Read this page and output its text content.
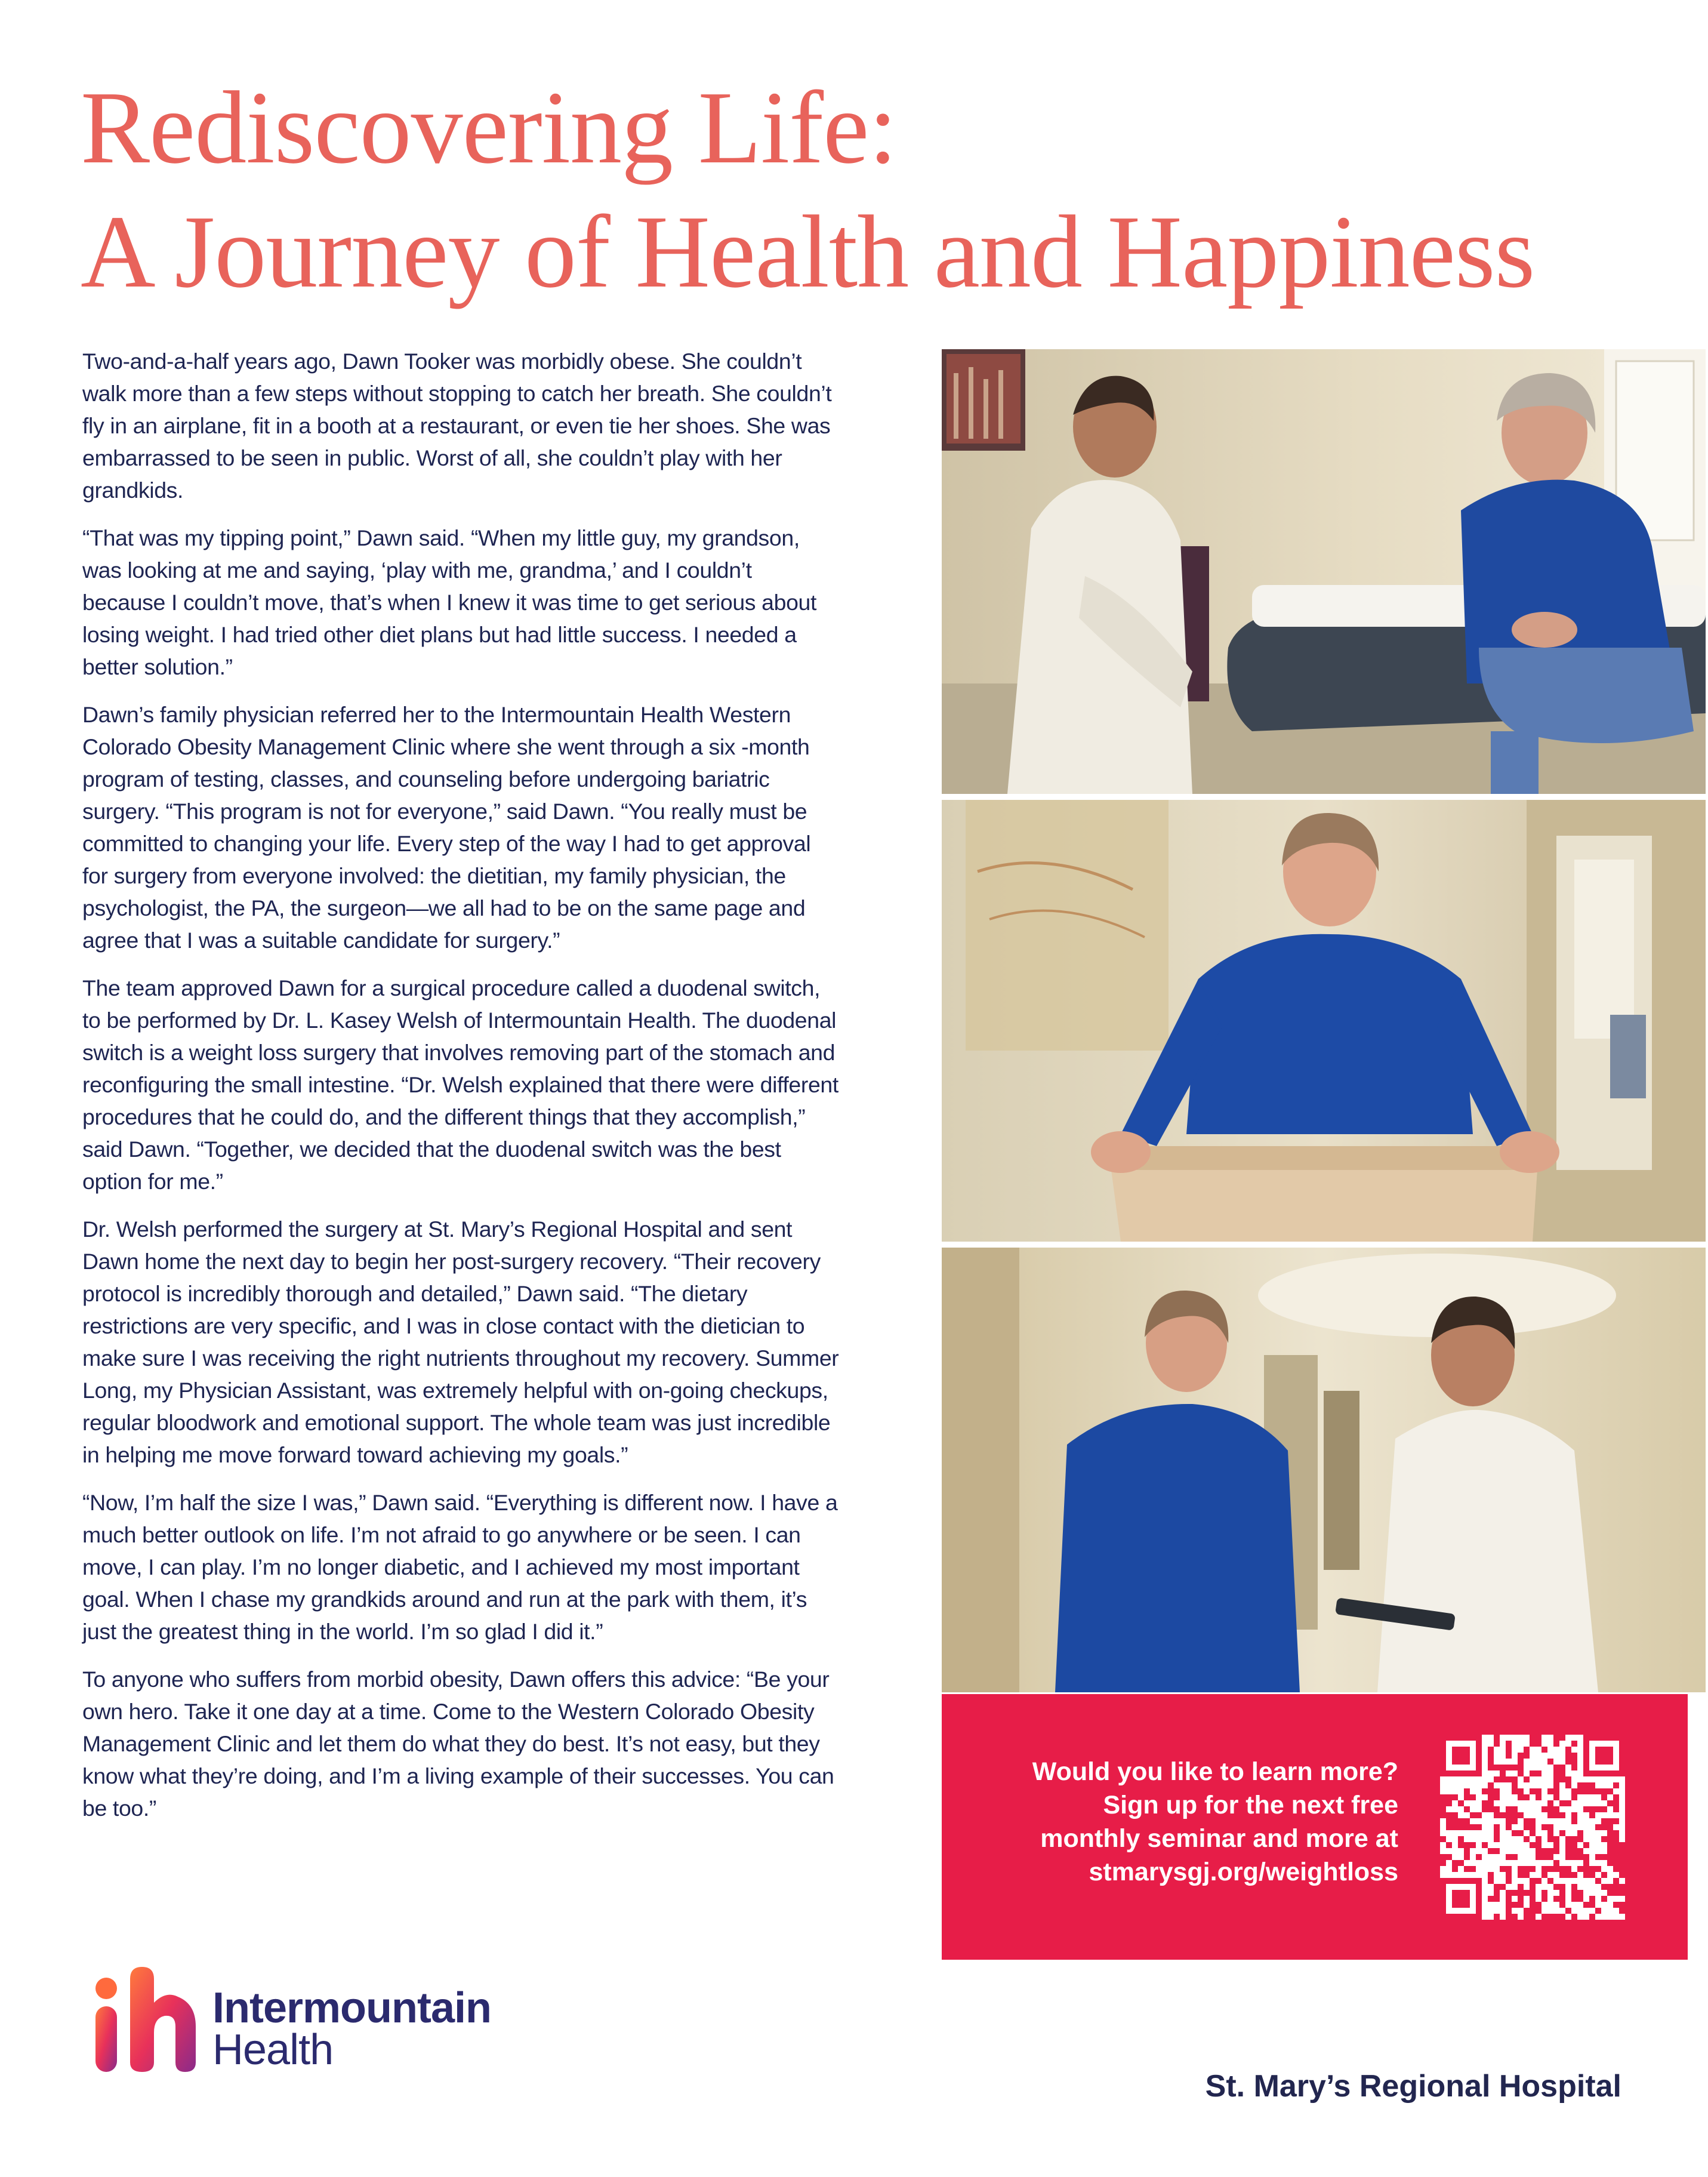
Rediscovering Life:
A Journey of Health and Happiness

Two-and-a-half years ago, Dawn Tooker was morbidly obese. She couldn’t walk more than a few steps without stopping to catch her breath. She couldn’t fly in an airplane, fit in a booth at a restaurant, or even tie her shoes. She was embarrassed to be seen in public. Worst of all, she couldn’t play with her grandkids.

“That was my tipping point,” Dawn said. “When my little guy, my grandson, was looking at me and saying, ‘play with me, grandma,’ and I couldn’t because I couldn’t move, that’s when I knew it was time to get serious about losing weight. I had tried other diet plans but had little success. I needed a better solution.”

Dawn’s family physician referred her to the Intermountain Health Western Colorado Obesity Management Clinic where she went through a six -month program of testing, classes, and counseling before undergoing bariatric surgery. “This program is not for everyone,” said Dawn. “You really must be committed to changing your life. Every step of the way I had to get approval for surgery from everyone involved: the dietitian, my family physician, the psychologist, the PA, the surgeon—we all had to be on the same page and agree that I was a suitable candidate for surgery.”

The team approved Dawn for a surgical procedure called a duodenal switch, to be performed by Dr. L. Kasey Welsh of Intermountain Health. The duodenal switch is a weight loss surgery that involves removing part of the stomach and reconfiguring the small intestine. “Dr. Welsh explained that there were different procedures that he could do, and the different things that they accomplish,” said Dawn. “Together, we decided that the duodenal switch was the best option for me.”

Dr. Welsh performed the surgery at St. Mary’s Regional Hospital and sent Dawn home the next day to begin her post-surgery recovery. “Their recovery protocol is incredibly thorough and detailed,” Dawn said. “The dietary restrictions are very specific, and I was in close contact with the dietician to make sure I was receiving the right nutrients throughout my recovery. Summer Long, my Physician Assistant, was extremely helpful with on-going checkups, regular bloodwork and emotional support. The whole team was just incredible in helping me move forward toward achieving my goals.”

“Now, I’m half the size I was,” Dawn said. “Everything is different now. I have a much better outlook on life. I’m not afraid to go anywhere or be seen. I can move, I can play. I’m no longer diabetic, and I achieved my most important goal. When I chase my grandkids around and run at the park with them, it’s just the greatest thing in the world. I’m so glad I did it.”

To anyone who suffers from morbid obesity, Dawn offers this advice: “Be your own hero. Take it one day at a time. Come to the Western Colorado Obesity Management Clinic and let them do what they do best. It’s not easy, but they know what they’re doing, and I’m a living example of their successes. You can be too.”

Would you like to learn more?
Sign up for the next free
monthly seminar and more at
stmarysgj.org/weightloss
Intermountain
Health
St. Mary’s Regional Hospital
